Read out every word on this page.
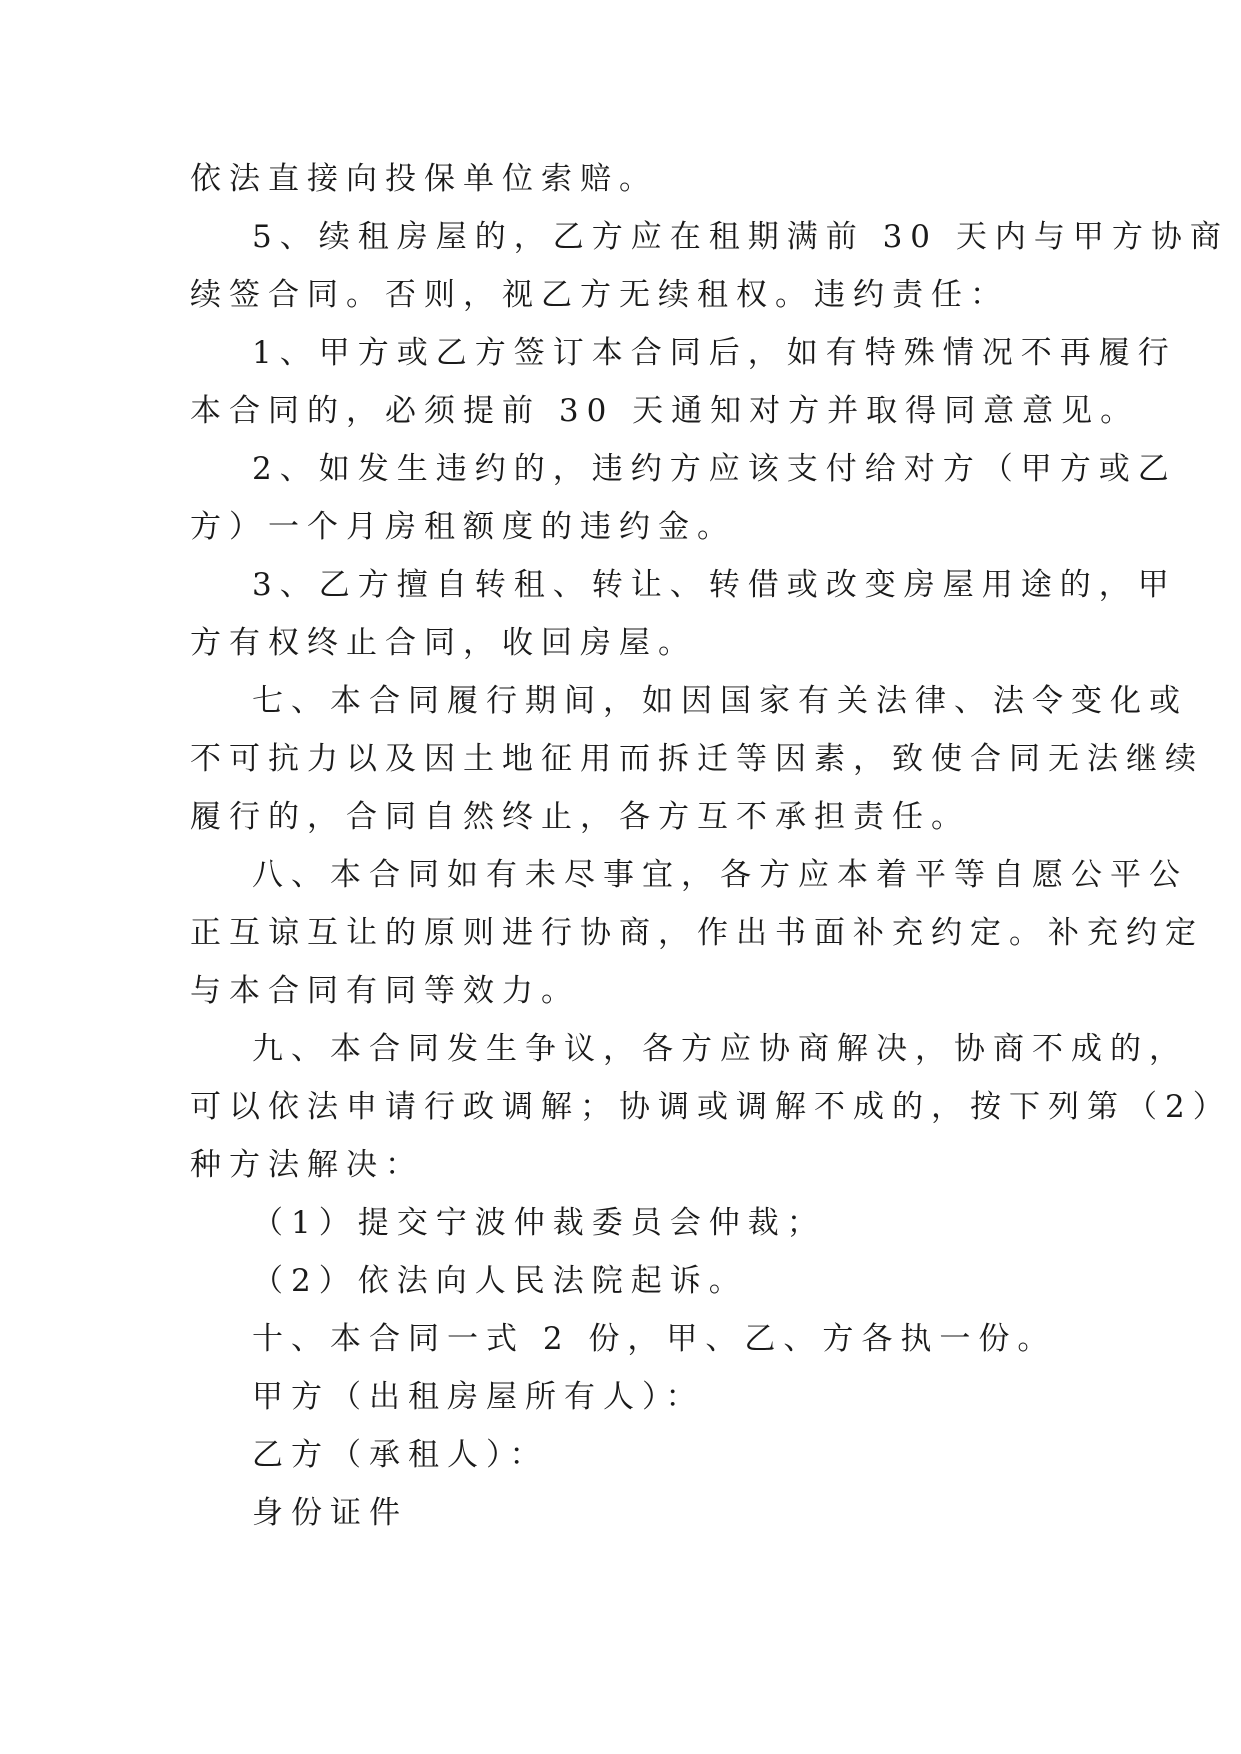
依法直接向投保单位索赔。
5、续租房屋的，乙方应在租期满前 30 天内与甲方协商
续签合同。否则，视乙方无续租权。违约责任：
1、甲方或乙方签订本合同后，如有特殊情况不再履行
本合同的，必须提前 30 天通知对方并取得同意意见。
2、如发生违约的，违约方应该支付给对方（甲方或乙
方）一个月房租额度的违约金。
3、乙方擅自转租、转让、转借或改变房屋用途的，甲
方有权终止合同，收回房屋。
七、本合同履行期间，如因国家有关法律、法令变化或
不可抗力以及因土地征用而拆迁等因素，致使合同无法继续
履行的，合同自然终止，各方互不承担责任。
八、本合同如有未尽事宜，各方应本着平等自愿公平公
正互谅互让的原则进行协商，作出书面补充约定。补充约定
与本合同有同等效力。
九、本合同发生争议，各方应协商解决，协商不成的，
可以依法申请行政调解；协调或调解不成的，按下列第（2）
种方法解决：
（1）提交宁波仲裁委员会仲裁；
（2）依法向人民法院起诉。
十、本合同一式 2 份，甲、乙、方各执一份。
甲方（出租房屋所有人）：
乙方（承租人）：
身份证件
